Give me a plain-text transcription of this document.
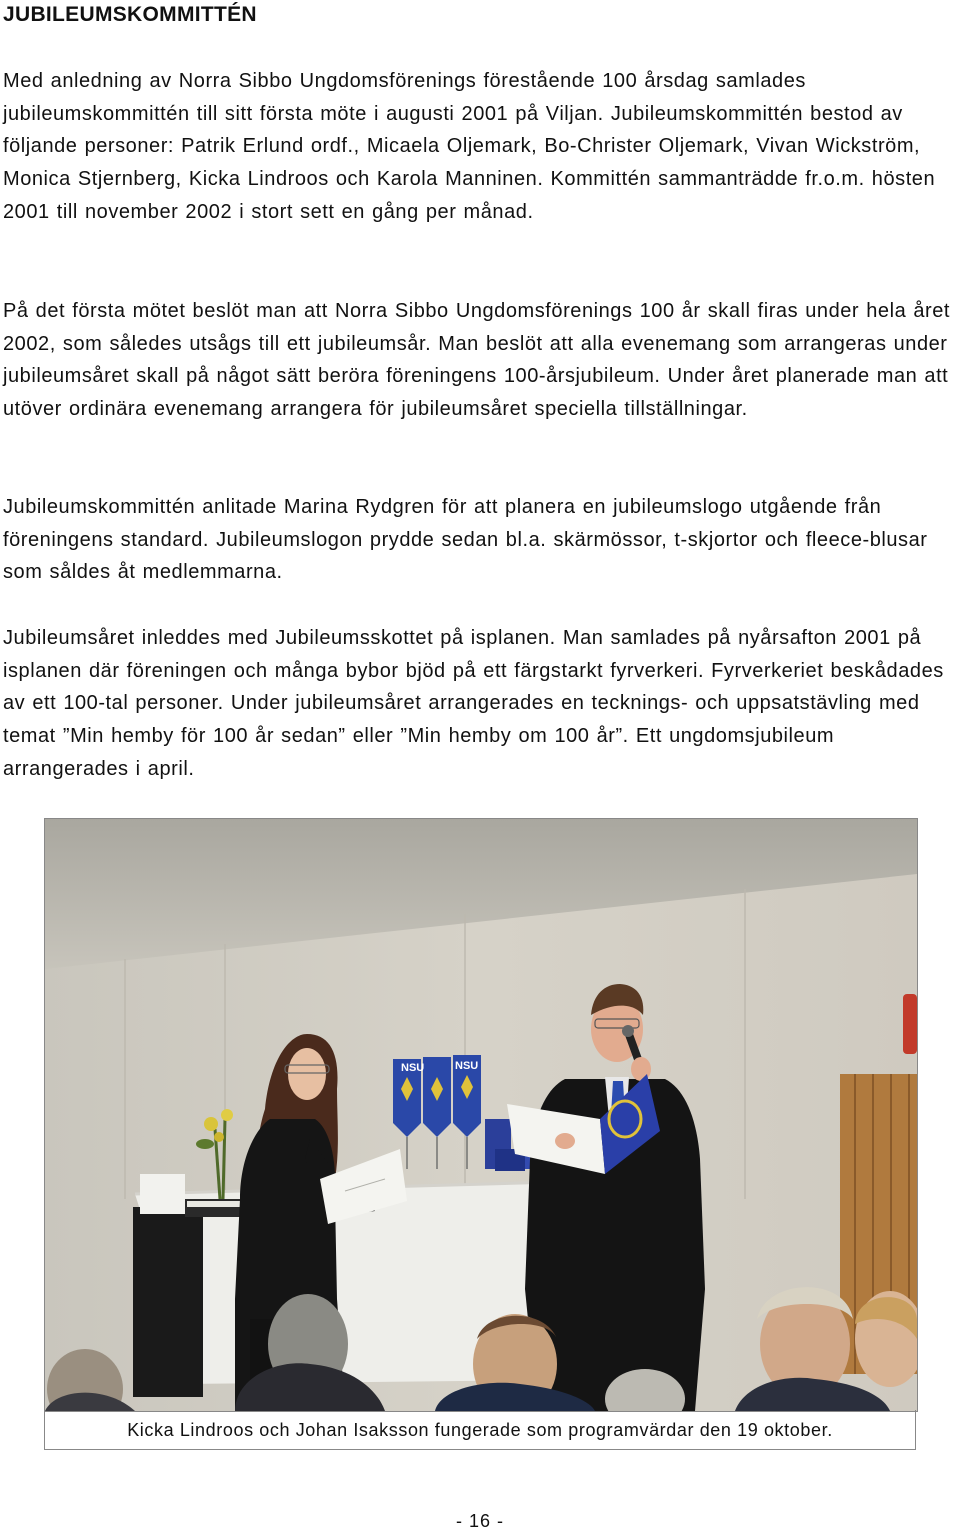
JUBILEUMSKOMMITTÉN

Med anledning av Norra Sibbo Ungdomsförenings förestående 100 årsdag samlades jubileumskommittén till sitt första möte i augusti 2001 på Viljan. Jubileumskommittén bestod av följande personer: Patrik Erlund ordf., Micaela Oljemark, Bo-Christer Oljemark, Vivan Wickström, Monica Stjernberg, Kicka Lindroos och Karola Manninen. Kommittén sammanträdde fr.o.m. hösten 2001 till november 2002 i stort sett en gång per månad.

På det första mötet beslöt man att Norra Sibbo Ungdomsförenings 100 år skall firas under hela året 2002, som således utsågs till ett jubileumsår. Man beslöt att alla evenemang som arrangeras under jubileumsåret skall på något sätt beröra föreningens 100-årsjubileum. Under året planerade man att utöver ordinära evenemang arrangera för jubileumsåret speciella tillställningar.

Jubileumskommittén anlitade Marina Rydgren för att planera en jubileumslogo utgående från föreningens standard. Jubileumslogon prydde sedan bl.a. skärmössor, t-skjortor och fleece-blusar som såldes åt medlemmarna.

Jubileumsåret inleddes med Jubileumsskottet på isplanen. Man samlades på nyårsafton 2001 på isplanen där föreningen och många bybor bjöd på ett färgstarkt fyrverkeri. Fyrverkeriet beskådades av ett 100-tal personer. Under jubileumsåret arrangerades en tecknings- och uppsatstävling med temat ”Min hemby för 100 år sedan” eller ”Min hemby om 100 år”. Ett ungdomsjubileum arrangerades i april.

NSU	NSU

Kicka Lindroos och Johan Isaksson fungerade som programvärdar den 19 oktober.

- 16 -
